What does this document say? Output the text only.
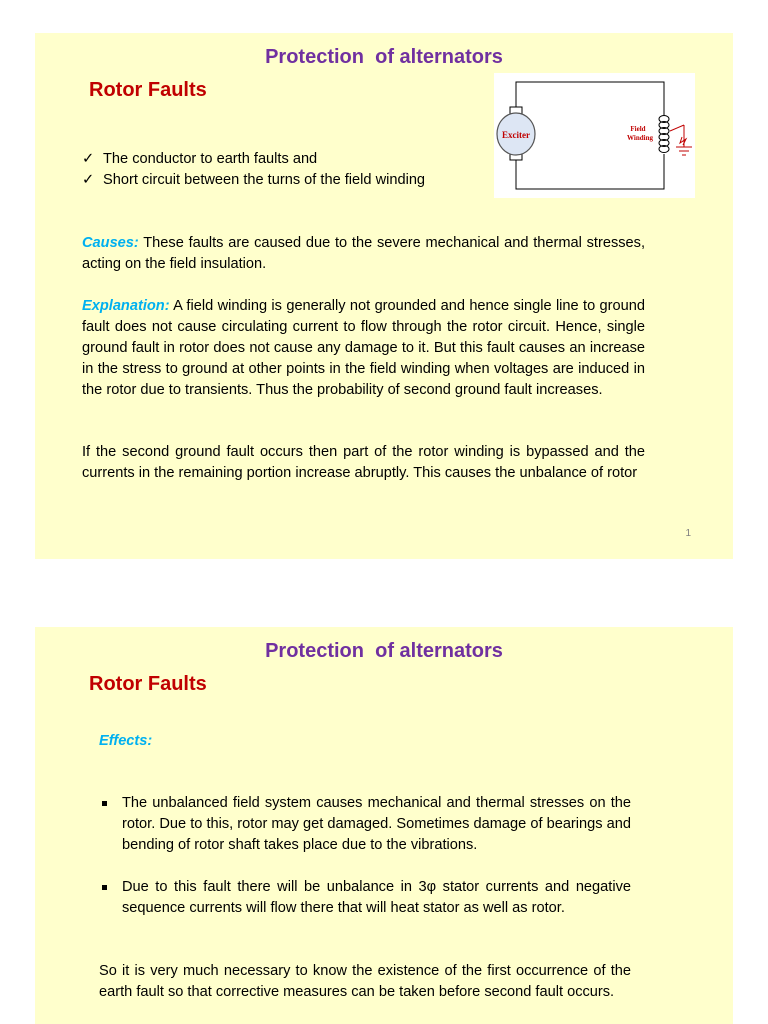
Protection  of alternators
Rotor Faults
✓ The conductor to earth faults and
✓ Short circuit between the turns of the field winding
Exciter
Field
Winding
Causes: These faults are caused due to the severe mechanical and thermal stresses, acting on the field insulation.
Explanation: A field winding is generally not grounded and hence single line to ground fault does not cause circulating current to flow through the rotor circuit. Hence, single ground fault in rotor does not cause any damage to it. But this fault causes an increase in the stress to ground at other points in the field winding when voltages are induced in the rotor due to transients. Thus the probability of second ground fault increases.
If the second ground fault occurs then part of the rotor winding is bypassed and the currents in the remaining portion increase abruptly. This causes the unbalance of rotor
1
Protection  of alternators
Rotor Faults
Effects:
The unbalanced field system causes mechanical and thermal stresses on the rotor. Due to this, rotor may get damaged. Sometimes damage of bearings and bending of rotor shaft takes place due to the vibrations.
Due to this fault there will be unbalance in 3φ stator currents and negative sequence currents will flow there that will heat stator as well as rotor.
So it is very much necessary to know the existence of the first occurrence of the earth fault so that corrective measures can be taken before second fault occurs.
